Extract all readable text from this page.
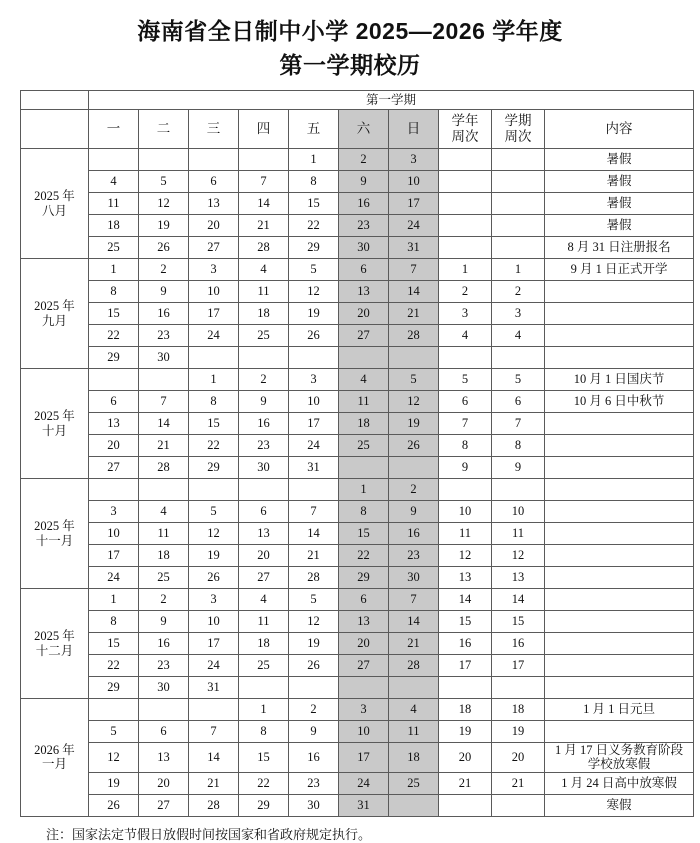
海南省全日制中小学 2025—2026 学年度
第一学期校历
	第一学期									
	一	二	三	四	五	六	日	
学年
周次

学期
周次
	内容

2025 年
八月					1	2	3			暑假

	4	5	6	7	8	9	10			暑假

	11	12	13	14	15	16	17			暑假

	18	19	20	21	22	23	24			暑假

	25	26	27	28	29	30	31			8 月 31 日注册报名

2025 年
九月	1	2	3	4	5	6	7	1	1	9 月 1 日正式开学

	8	9	10	11	12	13	14	2	2	

	15	16	17	18	19	20	21	3	3	

	22	23	24	25	26	27	28	4	4	

	29	30								

2025 年
十月			1	2	3	4	5	5	5	10 月 1 日国庆节

	6	7	8	9	10	11	12	6	6	10 月 6 日中秋节

	13	14	15	16	17	18	19	7	7	

	20	21	22	23	24	25	26	8	8	

	27	28	29	30	31			9	9	

2025 年
十一月						1	2			

	3	4	5	6	7	8	9	10	10	

	10	11	12	13	14	15	16	11	11	

	17	18	19	20	21	22	23	12	12	

	24	25	26	27	28	29	30	13	13	

2025 年
十二月	1	2	3	4	5	6	7	14	14	

	8	9	10	11	12	13	14	15	15	

	15	16	17	18	19	20	21	16	16	

	22	23	24	25	26	27	28	17	17	

	29	30	31							

2026 年
一月				1	2	3	4	18	18	1 月 1 日元旦

	5	6	7	8	9	10	11	19	19	

	12	13	14	15	16	17	18	20	20	1 月 17 日义务教育阶段
学校放寒假

	19	20	21	22	23	24	25	21	21	1 月 24 日高中放寒假

	26	27	28	29	30	31				寒假
注：国家法定节假日放假时间按国家和省政府规定执行。
